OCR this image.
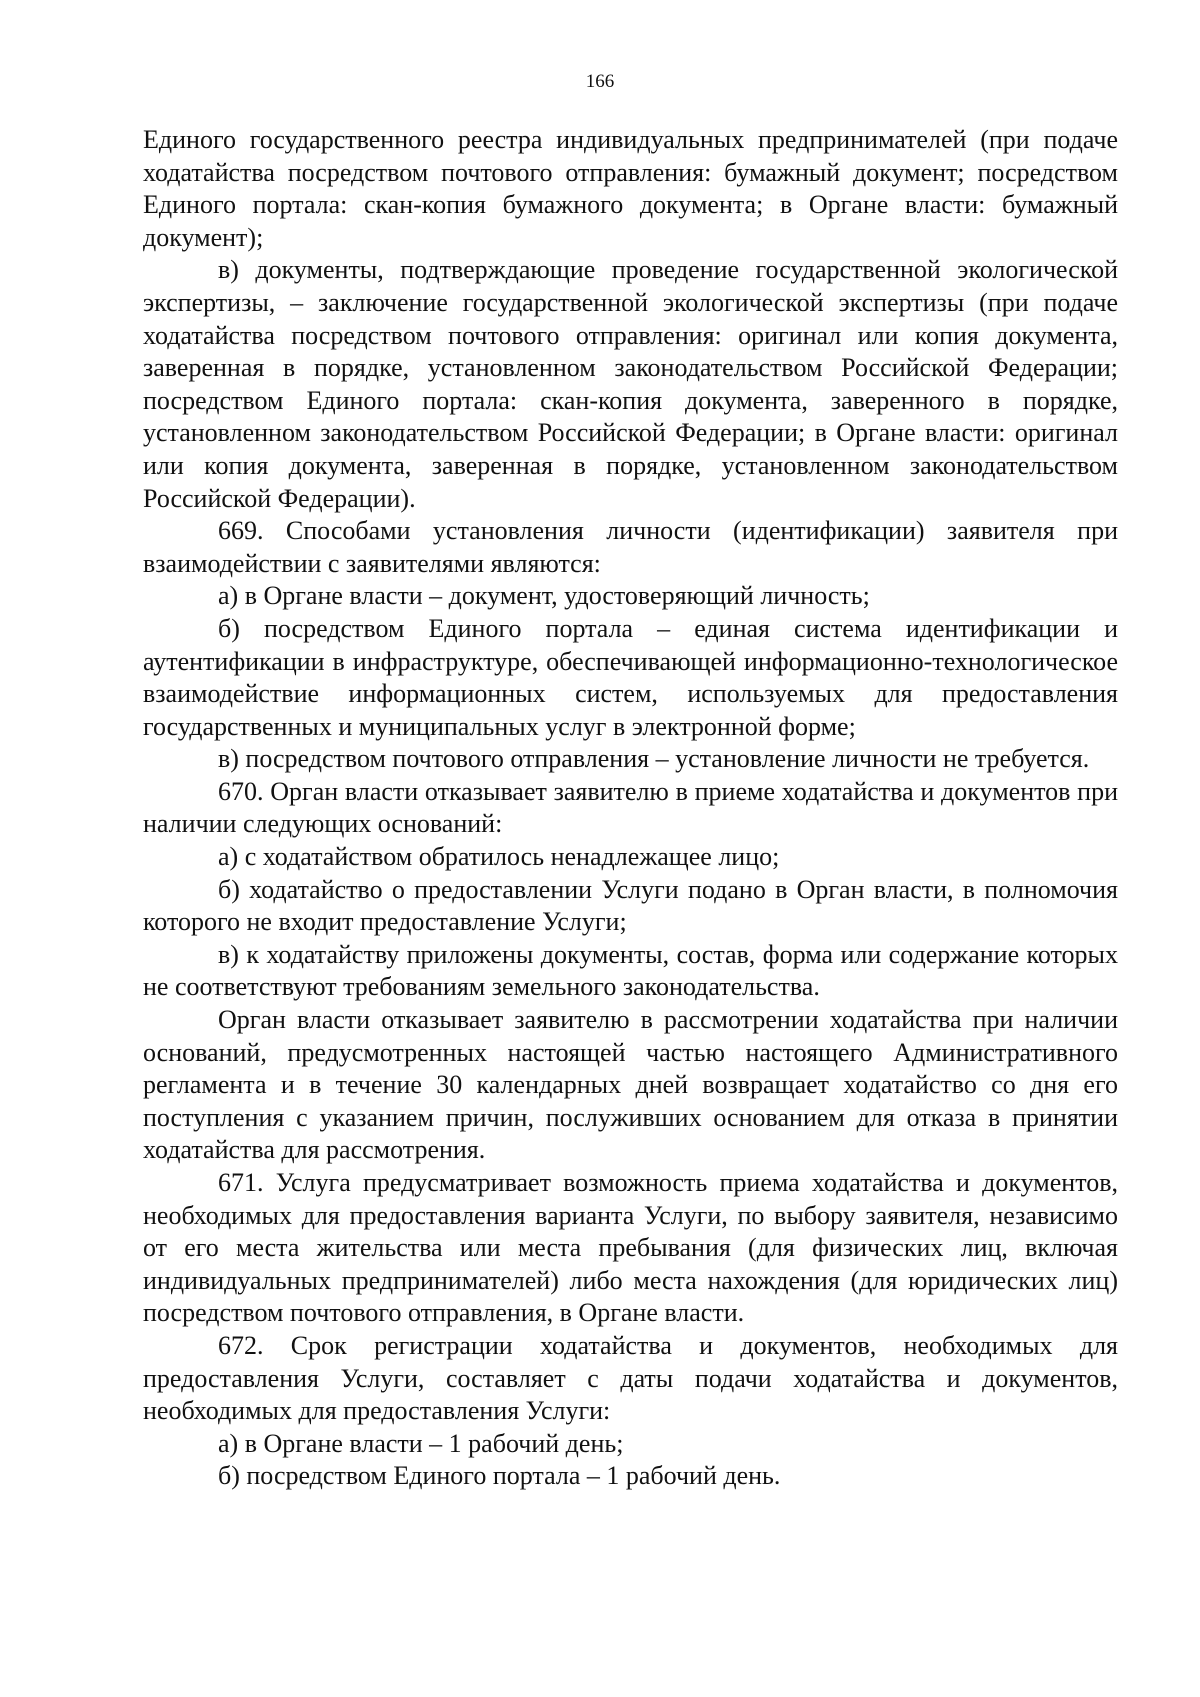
166

Единого государственного реестра индивидуальных предпринимателей (при подаче ходатайства посредством почтового отправления: бумажный документ; посредством Единого портала: скан-копия бумажного документа; в Органе власти: бумажный документ);

в) документы, подтверждающие проведение государственной экологической экспертизы, – заключение государственной экологической экспертизы (при подаче ходатайства посредством почтового отправления: оригинал или копия документа, заверенная в порядке, установленном законодательством Российской Федерации; посредством Единого портала: скан-копия документа, заверенного в порядке, установленном законодательством Российской Федерации; в Органе власти: оригинал или копия документа, заверенная в порядке, установленном законодательством Российской Федерации).

669. Способами установления личности (идентификации) заявителя при взаимодействии с заявителями являются:

а) в Органе власти – документ, удостоверяющий личность;

б) посредством Единого портала – единая система идентификации и аутентификации в инфраструктуре, обеспечивающей информационно-технологическое взаимодействие информационных систем, используемых для предоставления государственных и муниципальных услуг в электронной форме;

в) посредством почтового отправления – установление личности не требуется.

670. Орган власти отказывает заявителю в приеме ходатайства и документов при наличии следующих оснований:

а) с ходатайством обратилось ненадлежащее лицо;

б) ходатайство о предоставлении Услуги подано в Орган власти, в полномочия которого не входит предоставление Услуги;

в) к ходатайству приложены документы, состав, форма или содержание которых не соответствуют требованиям земельного законодательства.

Орган власти отказывает заявителю в рассмотрении ходатайства при наличии оснований, предусмотренных настоящей частью настоящего Административного регламента и в течение 30 календарных дней возвращает ходатайство со дня его поступления с указанием причин, послуживших основанием для отказа в принятии ходатайства для рассмотрения.

671. Услуга предусматривает возможность приема ходатайства и документов, необходимых для предоставления варианта Услуги, по выбору заявителя, независимо от его места жительства или места пребывания (для физических лиц, включая индивидуальных предпринимателей) либо места нахождения (для юридических лиц) посредством почтового отправления, в Органе власти.

672. Срок регистрации ходатайства и документов, необходимых для предоставления Услуги, составляет с даты подачи ходатайства и документов, необходимых для предоставления Услуги:

а) в Органе власти – 1 рабочий день;

б) посредством Единого портала – 1 рабочий день.
